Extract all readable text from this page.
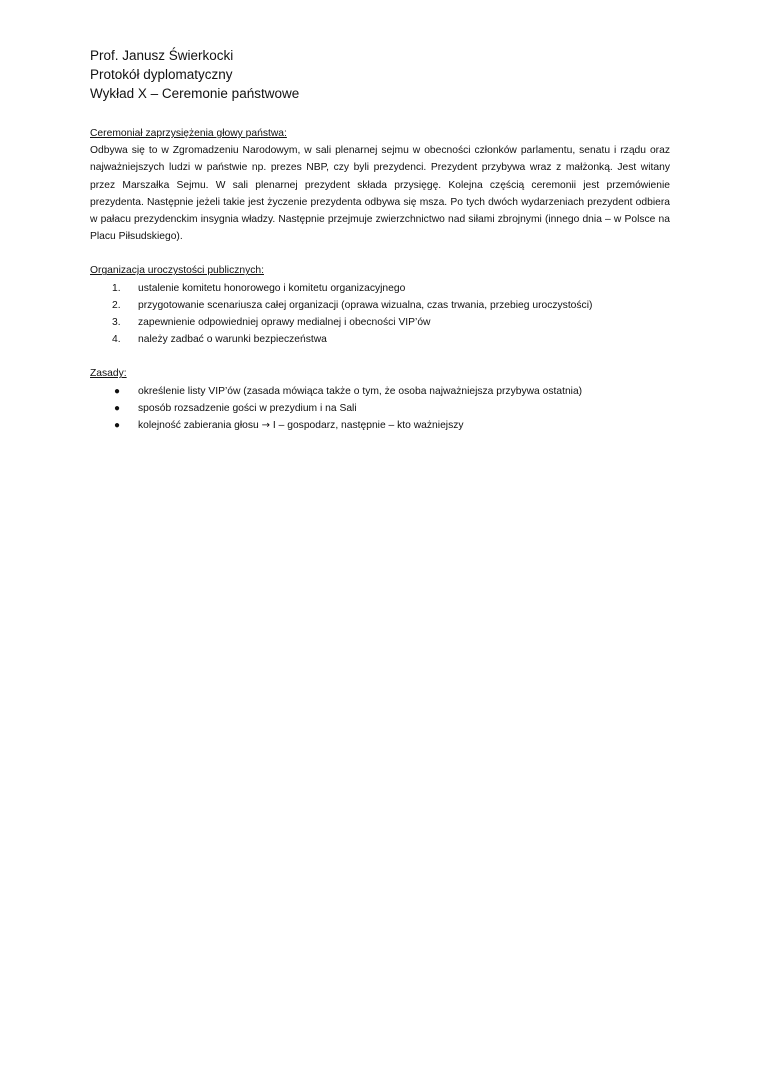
Prof. Janusz Świerkocki

Protokół dyplomatyczny

Wykład X – Ceremonie państwowe

Ceremoniał zaprzysiężenia głowy państwa:

Odbywa się to w Zgromadzeniu Narodowym, w sali plenarnej sejmu w obecności członków parlamentu, senatu i rządu oraz najważniejszych ludzi w państwie np. prezes NBP, czy byli prezydenci. Prezydent przybywa wraz z małżonką. Jest witany przez Marszałka Sejmu. W sali plenarnej prezydent składa przysięgę. Kolejna częścią ceremonii jest przemówienie prezydenta. Następnie jeżeli takie jest życzenie prezydenta odbywa się msza. Po tych dwóch wydarzeniach prezydent odbiera w pałacu prezydenckim insygnia władzy. Następnie przejmuje zwierzchnictwo nad siłami zbrojnymi (innego dnia – w Polsce na Placu Piłsudskiego).

Organizacja uroczystości publicznych:

1.	ustalenie komitetu honorowego i komitetu organizacyjnego
2.	przygotowanie scenariusza całej organizacji (oprawa wizualna, czas trwania, przebieg uroczystości)
3.	zapewnienie odpowiedniej oprawy medialnej i obecności VIP’ów
4.	należy zadbać o warunki bezpieczeństwa

Zasady:

●	określenie listy VIP’ów (zasada mówiąca także o tym, że osoba najważniejsza przybywa ostatnia)
●	sposób rozsadzenie gości w prezydium i na Sali
●	kolejność zabierania głosu → I – gospodarz, następnie – kto ważniejszy
